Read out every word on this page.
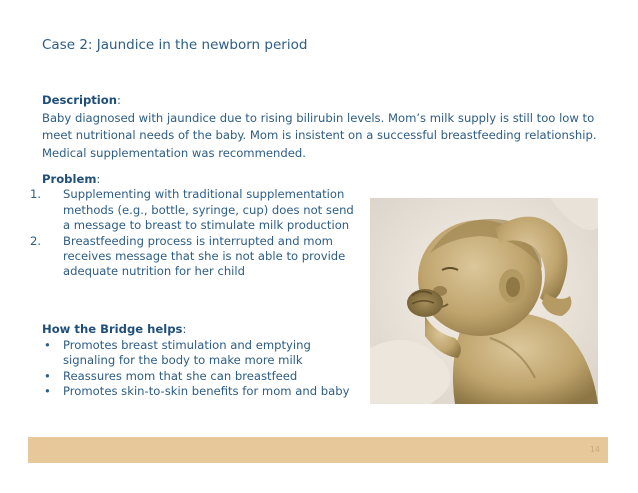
Case 2: Jaundice in the newborn period
Description:
Baby diagnosed with jaundice due to rising bilirubin levels. Mom’s milk supply is still too low to meet nutritional needs of the baby. Mom is insistent on a successful breastfeeding relationship. Medical supplementation was recommended.
Problem:
1.	Supplementing with traditional supplementation methods (e.g., bottle, syringe, cup) does not send a message to breast to stimulate milk production
2.	Breastfeeding process is interrupted and mom receives message that she is not able to provide adequate nutrition for her child
How the Bridge helps:
• Promotes breast stimulation and emptying signaling for the body to make more milk
• Reassures mom that she can breastfeed
• Promotes skin-to-skin benefits for mom and baby
14
